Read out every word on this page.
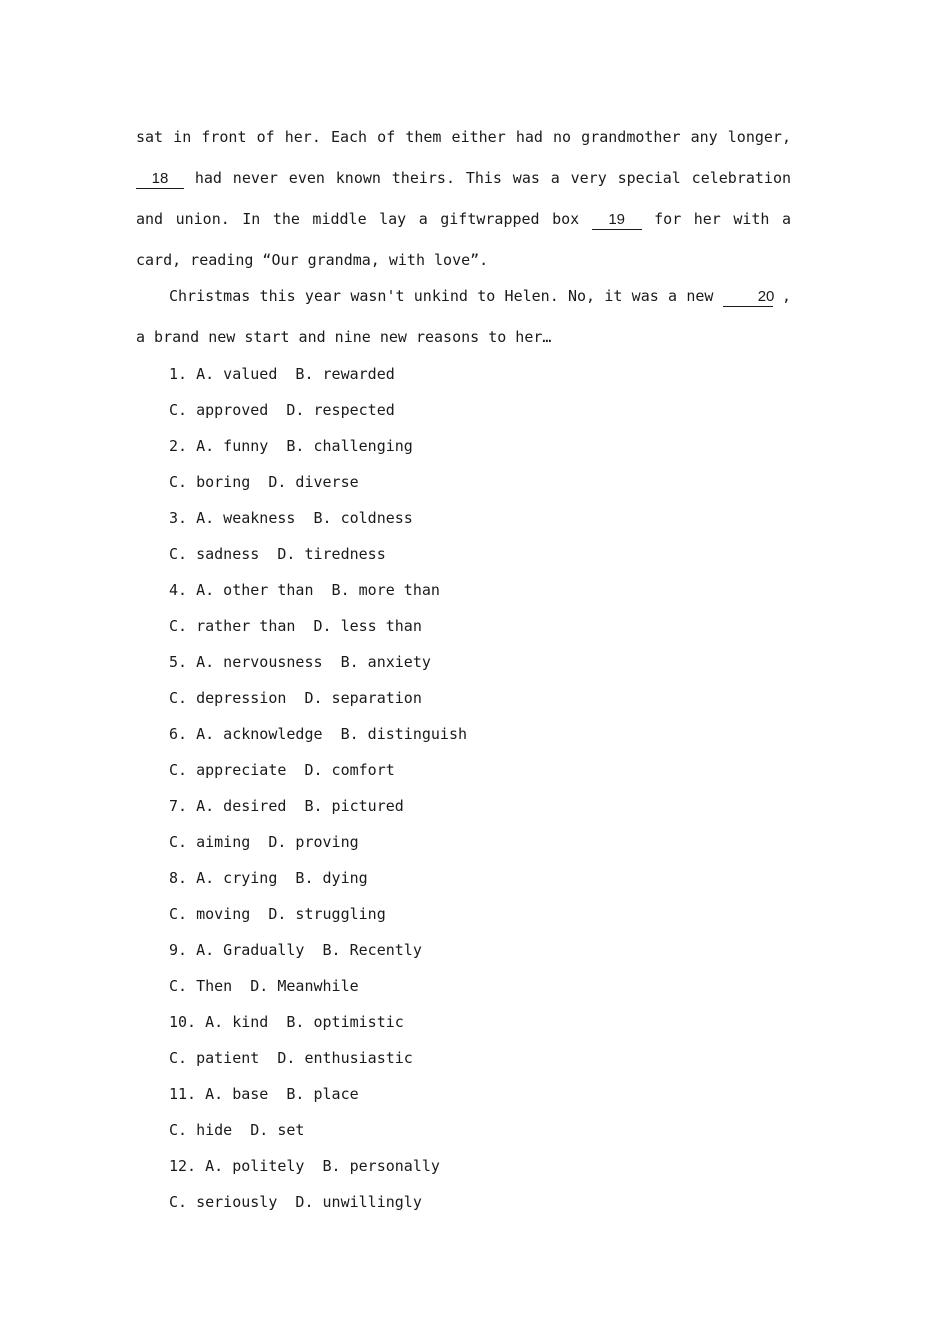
sat in front of her. Each of them either had no grandmother any longer, 18 had never even known theirs. This was a very special celebration and union. In the middle lay a giftwrapped box 19 for her with a card, reading “Our grandma, with love”.

Christmas this year wasn't unkind to Helen. No, it was a new 20 , a brand new start and nine new reasons to her…

1. A. valued  B. rewarded
C. approved  D. respected
2. A. funny  B. challenging
C. boring  D. diverse
3. A. weakness  B. coldness
C. sadness  D. tiredness
4. A. other than  B. more than
C. rather than  D. less than
5. A. nervousness  B. anxiety
C. depression  D. separation
6. A. acknowledge  B. distinguish
C. appreciate  D. comfort
7. A. desired  B. pictured
C. aiming  D. proving
8. A. crying  B. dying
C. moving  D. struggling
9. A. Gradually  B. Recently
C. Then  D. Meanwhile
10. A. kind  B. optimistic
C. patient  D. enthusiastic
11. A. base  B. place
C. hide  D. set
12. A. politely  B. personally
C. seriously  D. unwillingly
